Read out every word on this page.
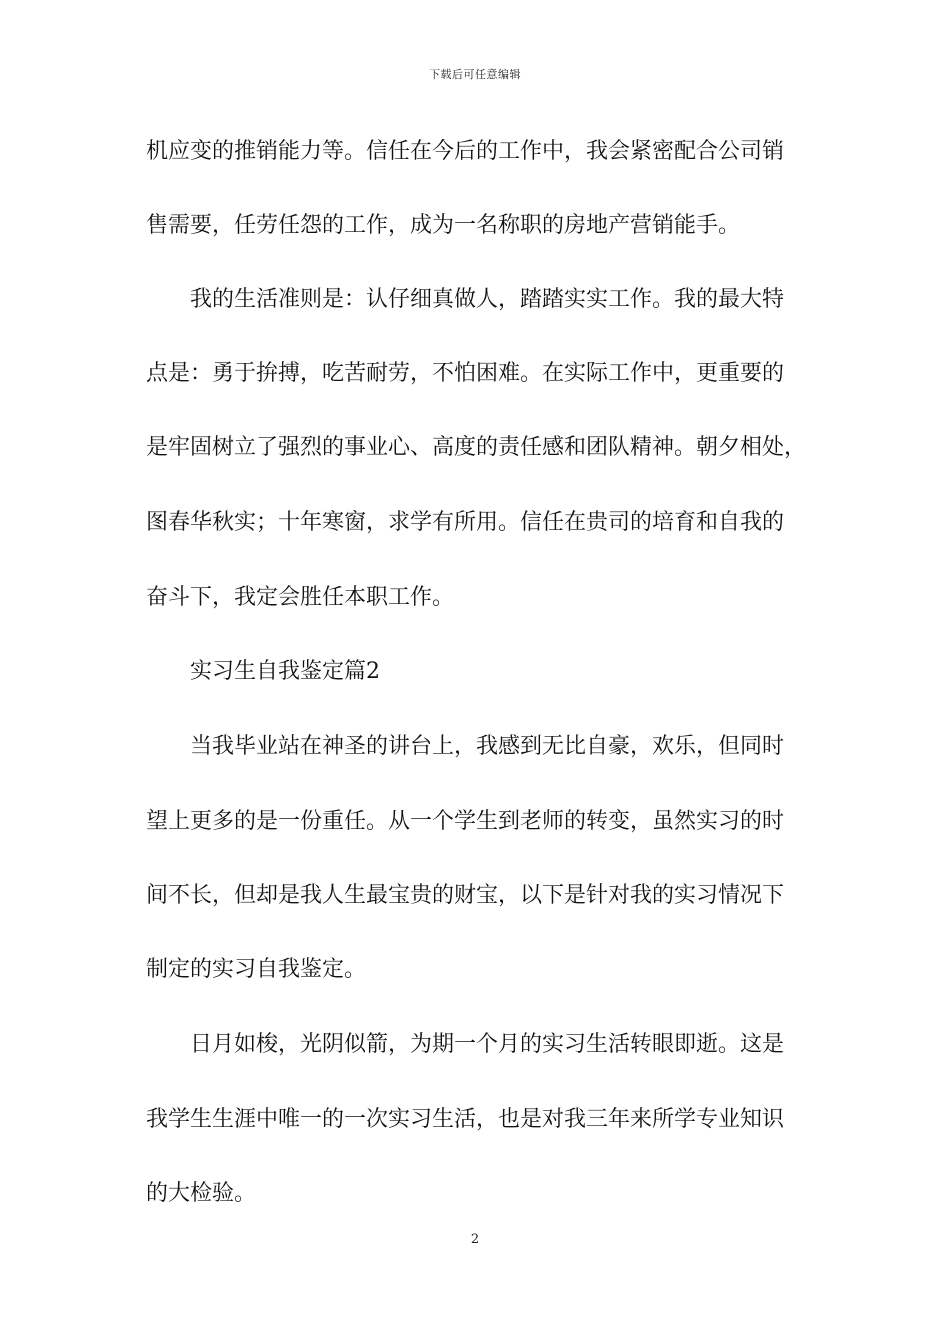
下载后可任意编辑
机应变的推销能力等。信任在今后的工作中，我会紧密配合公司销
售需要，任劳任怨的工作，成为一名称职的房地产营销能手。
我的生活准则是：认仔细真做人，踏踏实实工作。我的最大特
点是：勇于拚搏，吃苦耐劳，不怕困难。在实际工作中，更重要的
是牢固树立了强烈的事业心、高度的责任感和团队精神。朝夕相处，
图春华秋实；十年寒窗，求学有所用。信任在贵司的培育和自我的
奋斗下，我定会胜任本职工作。
实习生自我鉴定篇2
当我毕业站在神圣的讲台上，我感到无比自豪，欢乐，但同时
望上更多的是一份重任。从一个学生到老师的转变，虽然实习的时
间不长，但却是我人生最宝贵的财宝，以下是针对我的实习情况下
制定的实习自我鉴定。
日月如梭，光阴似箭，为期一个月的实习生活转眼即逝。这是
我学生生涯中唯一的一次实习生活，也是对我三年来所学专业知识
的大检验。
2
